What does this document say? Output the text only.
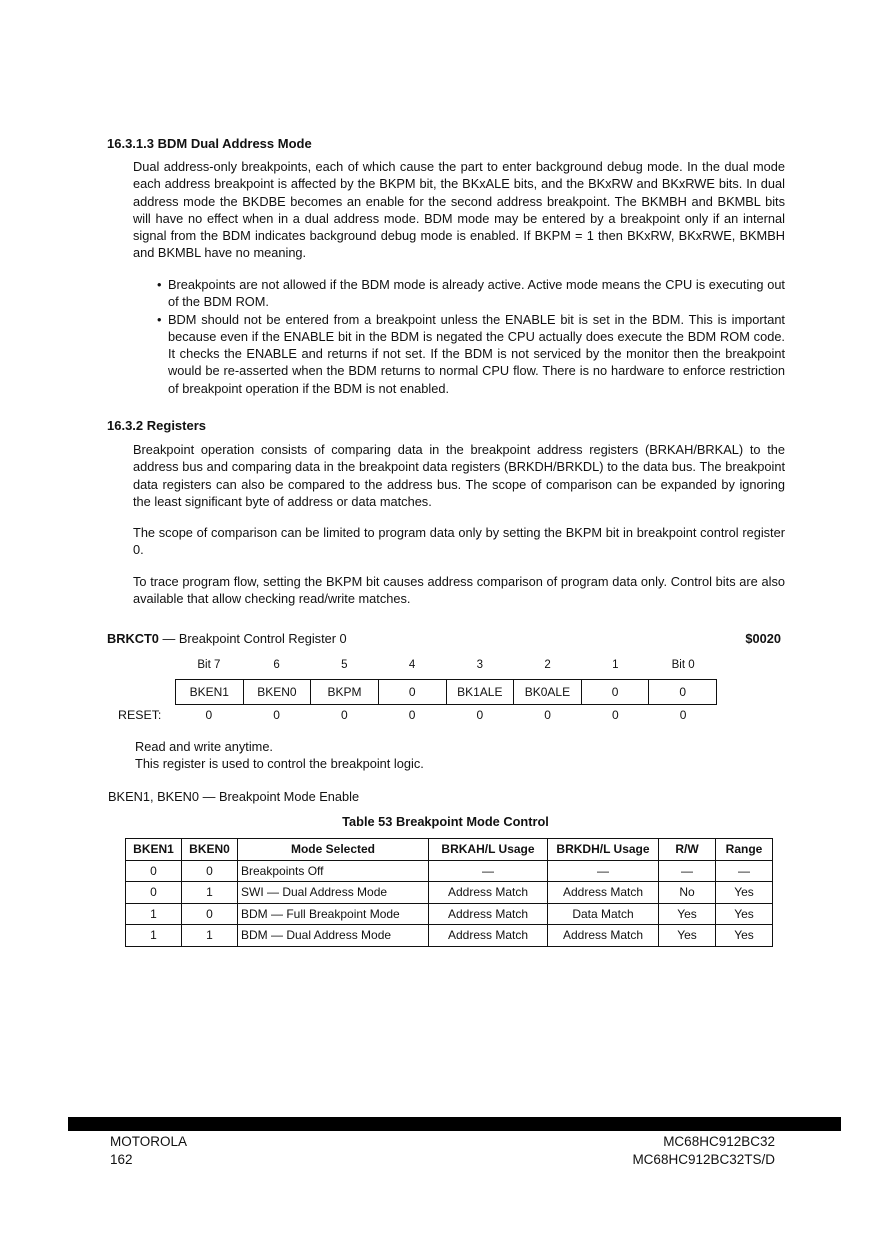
16.3.1.3 BDM Dual Address Mode

Dual address-only breakpoints, each of which cause the part to enter background debug mode. In the dual mode each address breakpoint is affected by the BKPM bit, the BKxALE bits, and the BKxRW and BKxRWE bits. In dual address mode the BKDBE becomes an enable for the second address breakpoint. The BKMBH and BKMBL bits will have no effect when in a dual address mode. BDM mode may be entered by a breakpoint only if an internal signal from the BDM indicates background debug mode is enabled. If BKPM = 1 then BKxRW, BKxRWE, BKMBH and BKMBL have no meaning.

• Breakpoints are not allowed if the BDM mode is already active. Active mode means the CPU is executing out of the BDM ROM.
• BDM should not be entered from a breakpoint unless the ENABLE bit is set in the BDM. This is important because even if the ENABLE bit in the BDM is negated the CPU actually does execute the BDM ROM code. It checks the ENABLE and returns if not set. If the BDM is not serviced by the monitor then the breakpoint would be re-asserted when the BDM returns to normal CPU flow. There is no hardware to enforce restriction of breakpoint operation if the BDM is not enabled.
16.3.2 Registers

Breakpoint operation consists of comparing data in the breakpoint address registers (BRKAH/BRKAL) to the address bus and comparing data in the breakpoint data registers (BRKDH/BRKDL) to the data bus. The breakpoint data registers can also be compared to the address bus. The scope of comparison can be expanded by ignoring the least significant byte of address or data matches.

The scope of comparison can be limited to program data only by setting the BKPM bit in breakpoint control register 0.

To trace program flow, setting the BKPM bit causes address comparison of program data only. Control bits are also available that allow checking read/write matches.

BRKCT0 — Breakpoint Control Register 0	$0020
Bit 7	6	5	4	3	2	1	Bit 0
BKEN1	BKEN0	BKPM	0	BK1ALE	BK0ALE	0	0
RESET:	0	0	0	0	0	0	0	0
Read and write anytime.
This register is used to control the breakpoint logic.
BKEN1, BKEN0 — Breakpoint Mode Enable
Table 53 Breakpoint Mode Control
BKEN1	BKEN0	Mode Selected	BRKAH/L Usage	BRKDH/L Usage	R/W	Range
0	0	Breakpoints Off	—	—	—	—
0	1	SWI — Dual Address Mode	Address Match	Address Match	No	Yes
1	0	BDM — Full Breakpoint Mode	Address Match	Data Match	Yes	Yes
1	1	BDM — Dual Address Mode	Address Match	Address Match	Yes	Yes
MOTOROLA
162
MC68HC912BC32
MC68HC912BC32TS/D
